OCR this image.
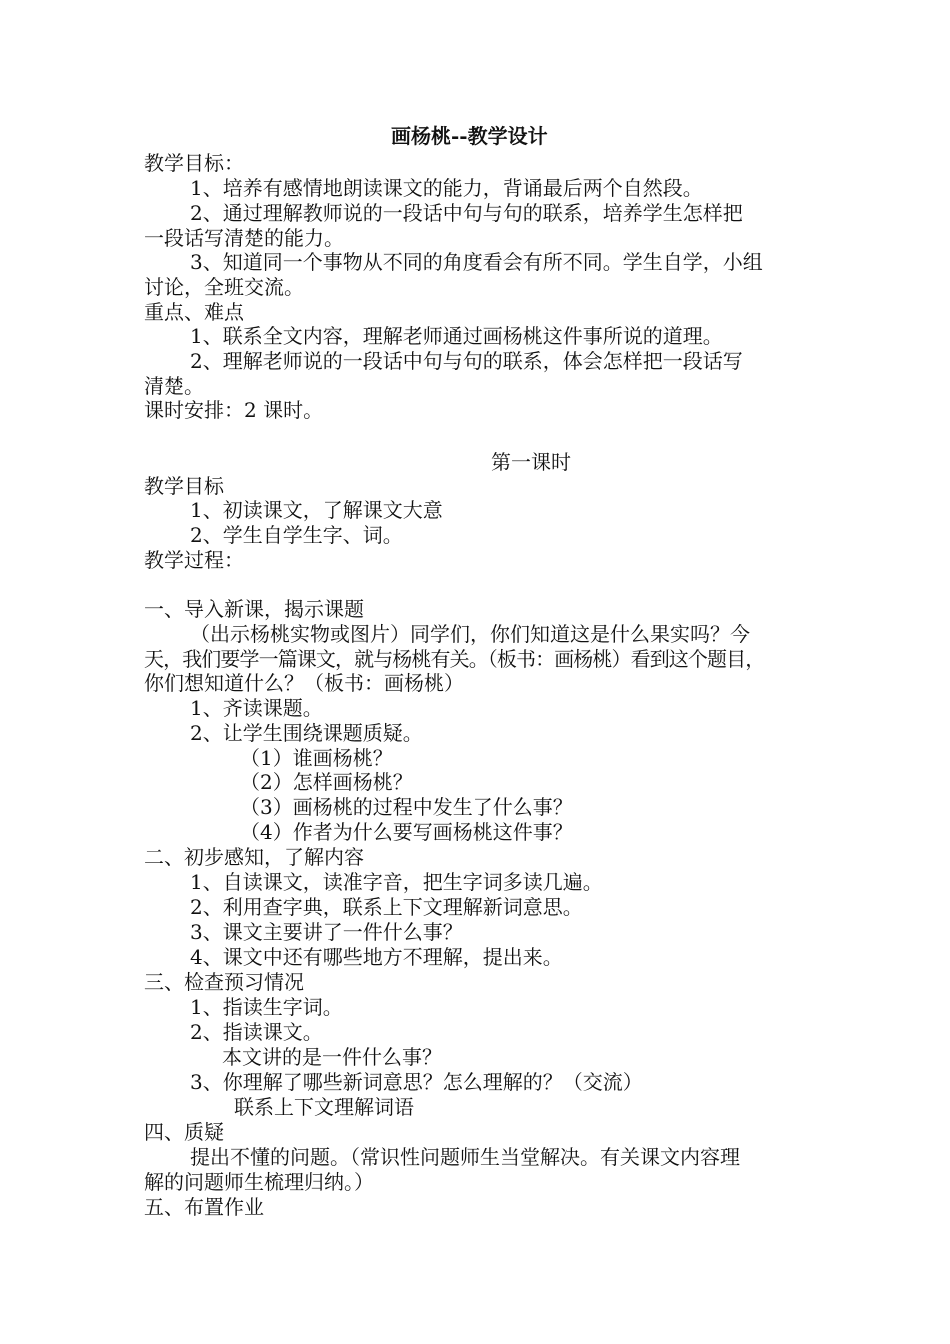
画杨桃--教学设计
教学目标：
1、培养有感情地朗读课文的能力，背诵最后两个自然段。
2、通过理解教师说的一段话中句与句的联系，培养学生怎样把
一段话写清楚的能力。
3、知道同一个事物从不同的角度看会有所不同。学生自学，小组
讨论，全班交流。
重点、难点
1、联系全文内容，理解老师通过画杨桃这件事所说的道理。
2、理解老师说的一段话中句与句的联系，体会怎样把一段话写
清楚。
课时安排：2 课时。
第一课时
教学目标
1、初读课文，了解课文大意
2、学生自学生字、词。
教学过程：
一、导入新课，揭示课题
（出示杨桃实物或图片）同学们，你们知道这是什么果实吗？今
天，我们要学一篇课文，就与杨桃有关。（板书：画杨桃）看到这个题目，
你们想知道什么？（板书：画杨桃）
1、齐读课题。
2、让学生围绕课题质疑。
（1）谁画杨桃？
（2）怎样画杨桃？
（3）画杨桃的过程中发生了什么事？
（4）作者为什么要写画杨桃这件事？
二、初步感知，了解内容
1、自读课文，读准字音，把生字词多读几遍。
2、利用查字典，联系上下文理解新词意思。
3、课文主要讲了一件什么事？
4、课文中还有哪些地方不理解，提出来。
三、检查预习情况
1、指读生字词。
2、指读课文。
本文讲的是一件什么事？
3、你理解了哪些新词意思？怎么理解的？（交流）
联系上下文理解词语
四、质疑
提出不懂的问题。（常识性问题师生当堂解决。有关课文内容理
解的问题师生梳理归纳。）
五、布置作业
